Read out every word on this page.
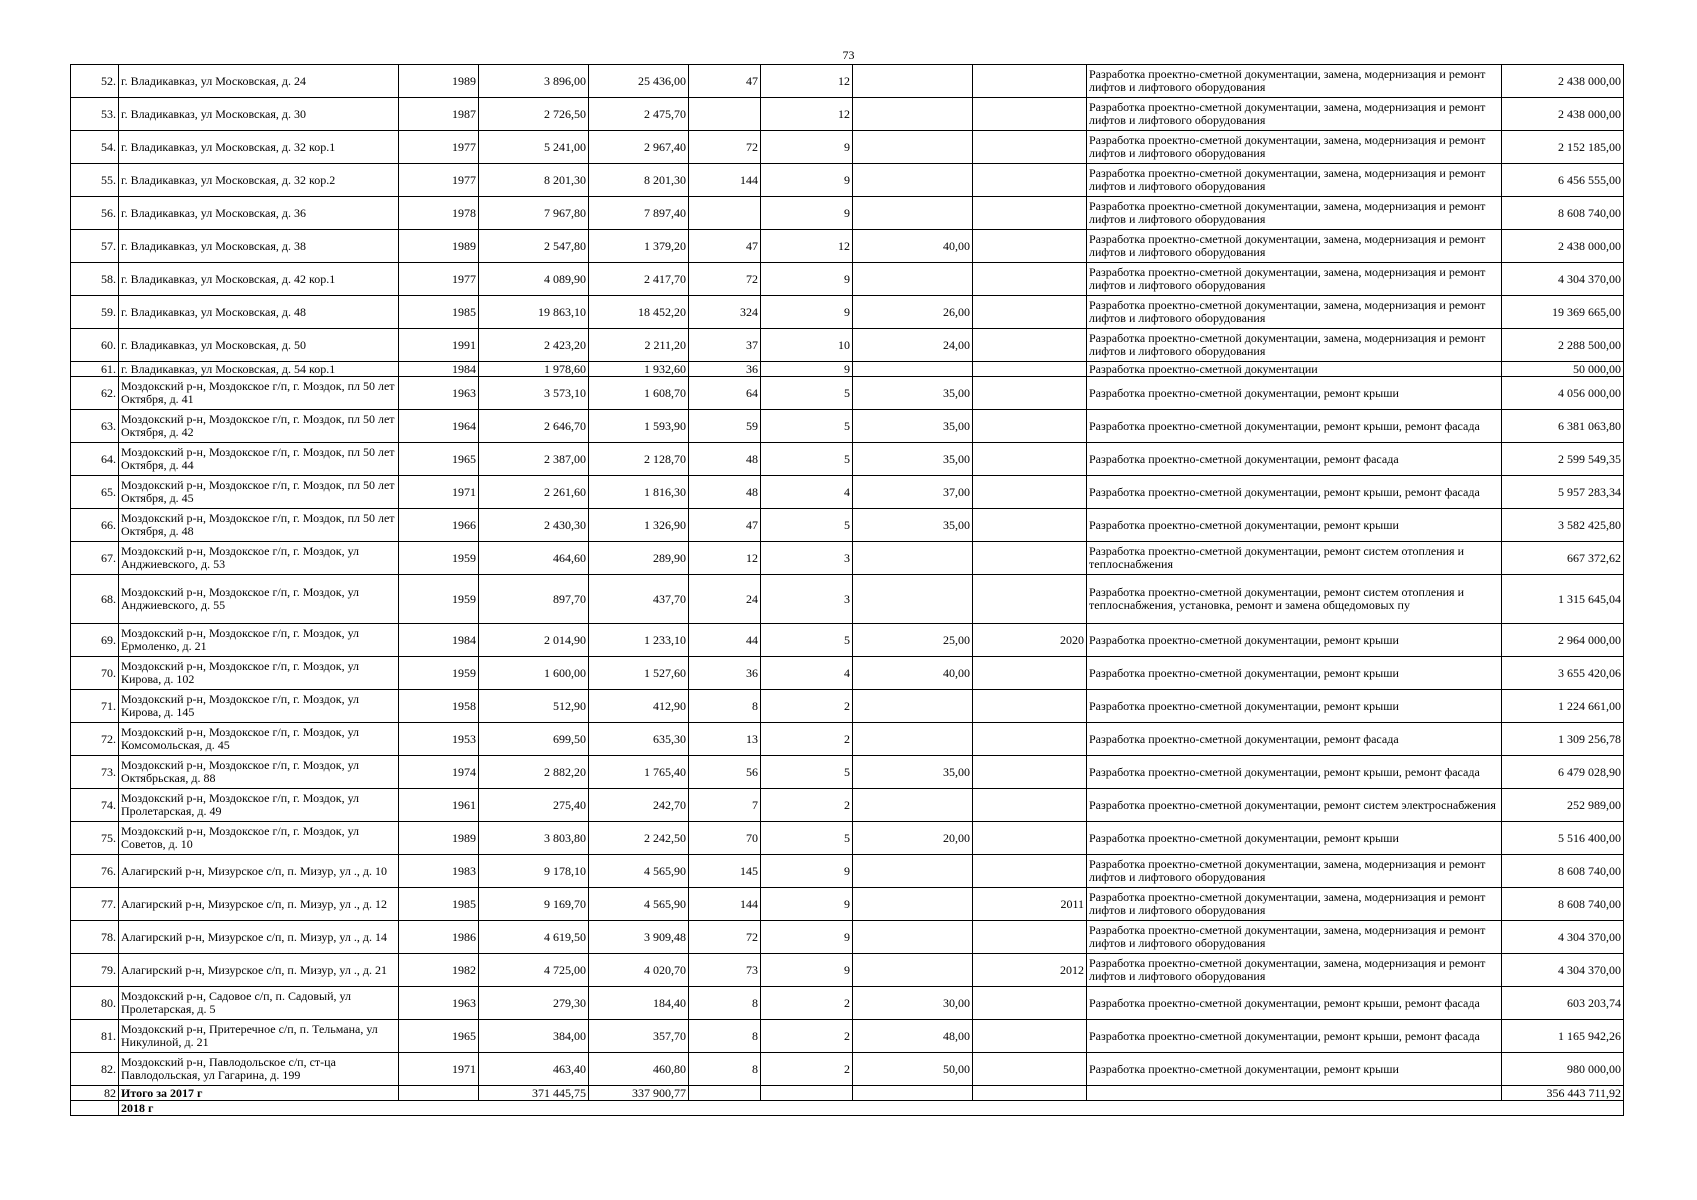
73
52.	г. Владикавказ, ул Московская, д. 24	1989	3 896,00	25 436,00	47	12			Разработка проектно-сметной документации, замена, модернизация и ремонт лифтов и лифтового оборудования	2 438 000,00
53.	г. Владикавказ, ул Московская, д. 30	1987	2 726,50	2 475,70		12			Разработка проектно-сметной документации, замена, модернизация и ремонт лифтов и лифтового оборудования	2 438 000,00
54.	г. Владикавказ, ул Московская, д. 32 кор.1	1977	5 241,00	2 967,40	72	9			Разработка проектно-сметной документации, замена, модернизация и ремонт лифтов и лифтового оборудования	2 152 185,00
55.	г. Владикавказ, ул Московская, д. 32 кор.2	1977	8 201,30	8 201,30	144	9			Разработка проектно-сметной документации, замена, модернизация и ремонт лифтов и лифтового оборудования	6 456 555,00
56.	г. Владикавказ, ул Московская, д. 36	1978	7 967,80	7 897,40		9			Разработка проектно-сметной документации, замена, модернизация и ремонт лифтов и лифтового оборудования	8 608 740,00
57.	г. Владикавказ, ул Московская, д. 38	1989	2 547,80	1 379,20	47	12	40,00		Разработка проектно-сметной документации, замена, модернизация и ремонт лифтов и лифтового оборудования	2 438 000,00
58.	г. Владикавказ, ул Московская, д. 42 кор.1	1977	4 089,90	2 417,70	72	9			Разработка проектно-сметной документации, замена, модернизация и ремонт лифтов и лифтового оборудования	4 304 370,00
59.	г. Владикавказ, ул Московская, д. 48	1985	19 863,10	18 452,20	324	9	26,00		Разработка проектно-сметной документации, замена, модернизация и ремонт лифтов и лифтового оборудования	19 369 665,00
60.	г. Владикавказ, ул Московская, д. 50	1991	2 423,20	2 211,20	37	10	24,00		Разработка проектно-сметной документации, замена, модернизация и ремонт лифтов и лифтового оборудования	2 288 500,00
61.	г. Владикавказ, ул Московская, д. 54 кор.1	1984	1 978,60	1 932,60	36	9			Разработка проектно-сметной документации	50 000,00
62.	Моздокский р-н, Моздокское г/п, г. Моздок, пл 50 лет Октября, д. 41	1963	3 573,10	1 608,70	64	5	35,00		Разработка проектно-сметной документации, ремонт крыши	4 056 000,00
63.	Моздокский р-н, Моздокское г/п, г. Моздок, пл 50 лет Октября, д. 42	1964	2 646,70	1 593,90	59	5	35,00		Разработка проектно-сметной документации, ремонт крыши, ремонт фасада	6 381 063,80
64.	Моздокский р-н, Моздокское г/п, г. Моздок, пл 50 лет Октября, д. 44	1965	2 387,00	2 128,70	48	5	35,00		Разработка проектно-сметной документации, ремонт фасада	2 599 549,35
65.	Моздокский р-н, Моздокское г/п, г. Моздок, пл 50 лет Октября, д. 45	1971	2 261,60	1 816,30	48	4	37,00		Разработка проектно-сметной документации, ремонт крыши, ремонт фасада	5 957 283,34
66.	Моздокский р-н, Моздокское г/п, г. Моздок, пл 50 лет Октября, д. 48	1966	2 430,30	1 326,90	47	5	35,00		Разработка проектно-сметной документации, ремонт крыши	3 582 425,80
67.	Моздокский р-н, Моздокское г/п, г. Моздок, ул Анджиевского, д. 53	1959	464,60	289,90	12	3			Разработка проектно-сметной документации, ремонт систем отопления и теплоснабжения	667 372,62
68.	Моздокский р-н, Моздокское г/п, г. Моздок, ул Анджиевского, д. 55	1959	897,70	437,70	24	3			Разработка проектно-сметной документации, ремонт систем отопления и теплоснабжения, установка, ремонт и замена общедомовых пу	1 315 645,04
69.	Моздокский р-н, Моздокское г/п, г. Моздок, ул Ермоленко, д. 21	1984	2 014,90	1 233,10	44	5	25,00	2020	Разработка проектно-сметной документации, ремонт крыши	2 964 000,00
70.	Моздокский р-н, Моздокское г/п, г. Моздок, ул Кирова, д. 102	1959	1 600,00	1 527,60	36	4	40,00		Разработка проектно-сметной документации, ремонт крыши	3 655 420,06
71.	Моздокский р-н, Моздокское г/п, г. Моздок, ул Кирова, д. 145	1958	512,90	412,90	8	2			Разработка проектно-сметной документации, ремонт крыши	1 224 661,00
72.	Моздокский р-н, Моздокское г/п, г. Моздок, ул Комсомольская, д. 45	1953	699,50	635,30	13	2			Разработка проектно-сметной документации, ремонт фасада	1 309 256,78
73.	Моздокский р-н, Моздокское г/п, г. Моздок, ул Октябрьская, д. 88	1974	2 882,20	1 765,40	56	5	35,00		Разработка проектно-сметной документации, ремонт крыши, ремонт фасада	6 479 028,90
74.	Моздокский р-н, Моздокское г/п, г. Моздок, ул Пролетарская, д. 49	1961	275,40	242,70	7	2			Разработка проектно-сметной документации, ремонт систем электроснабжения	252 989,00
75.	Моздокский р-н, Моздокское г/п, г. Моздок, ул Советов, д. 10	1989	3 803,80	2 242,50	70	5	20,00		Разработка проектно-сметной документации, ремонт крыши	5 516 400,00
76.	Алагирский р-н, Мизурское с/п, п. Мизур, ул ., д. 10	1983	9 178,10	4 565,90	145	9			Разработка проектно-сметной документации, замена, модернизация и ремонт лифтов и лифтового оборудования	8 608 740,00
77.	Алагирский р-н, Мизурское с/п, п. Мизур, ул ., д. 12	1985	9 169,70	4 565,90	144	9		2011	Разработка проектно-сметной документации, замена, модернизация и ремонт лифтов и лифтового оборудования	8 608 740,00
78.	Алагирский р-н, Мизурское с/п, п. Мизур, ул ., д. 14	1986	4 619,50	3 909,48	72	9			Разработка проектно-сметной документации, замена, модернизация и ремонт лифтов и лифтового оборудования	4 304 370,00
79.	Алагирский р-н, Мизурское с/п, п. Мизур, ул ., д. 21	1982	4 725,00	4 020,70	73	9		2012	Разработка проектно-сметной документации, замена, модернизация и ремонт лифтов и лифтового оборудования	4 304 370,00
80.	Моздокский р-н, Садовое с/п, п. Садовый, ул Пролетарская, д. 5	1963	279,30	184,40	8	2	30,00		Разработка проектно-сметной документации, ремонт крыши, ремонт фасада	603 203,74
81.	Моздокский р-н, Притеречное с/п, п. Тельмана, ул Никулиной, д. 21	1965	384,00	357,70	8	2	48,00		Разработка проектно-сметной документации, ремонт крыши, ремонт фасада	1 165 942,26
82.	Моздокский р-н, Павлодольское с/п, ст-ца Павлодольская, ул Гагарина, д. 199	1971	463,40	460,80	8	2	50,00		Разработка проектно-сметной документации, ремонт крыши	980 000,00
82	Итого за 2017 г		371 445,75	337 900,77						356 443 711,92
	2018 г									
